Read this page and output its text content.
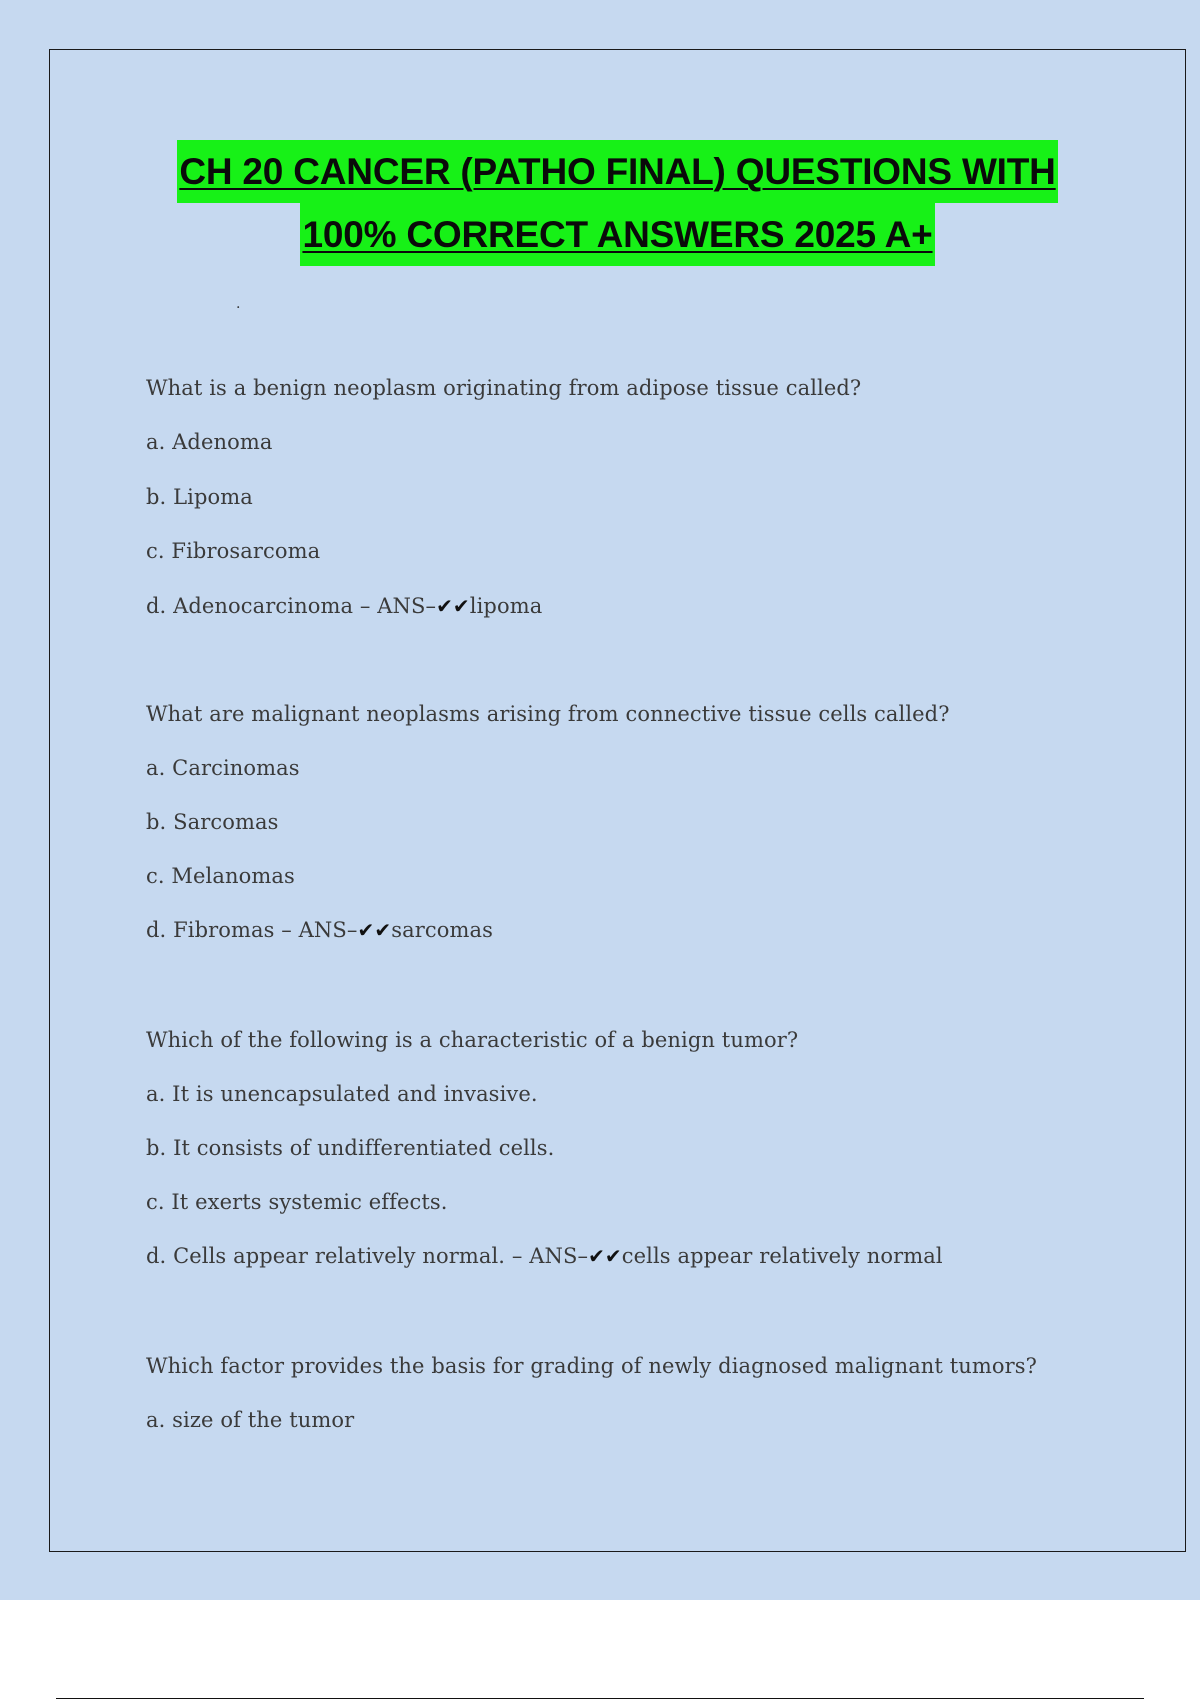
CH 20 CANCER (PATHO FINAL) QUESTIONS WITH
100% CORRECT ANSWERS 2025 A+
.
What is a benign neoplasm originating from adipose tissue called?
a. Adenoma
b. Lipoma
c. Fibrosarcoma
d. Adenocarcinoma – ANS–✔✔lipoma
What are malignant neoplasms arising from connective tissue cells called?
a. Carcinomas
b. Sarcomas
c. Melanomas
d. Fibromas – ANS–✔✔sarcomas
Which of the following is a characteristic of a benign tumor?
a. It is unencapsulated and invasive.
b. It consists of undifferentiated cells.
c. It exerts systemic effects.
d. Cells appear relatively normal. – ANS–✔✔cells appear relatively normal
Which factor provides the basis for grading of newly diagnosed malignant tumors?
a. size of the tumor
